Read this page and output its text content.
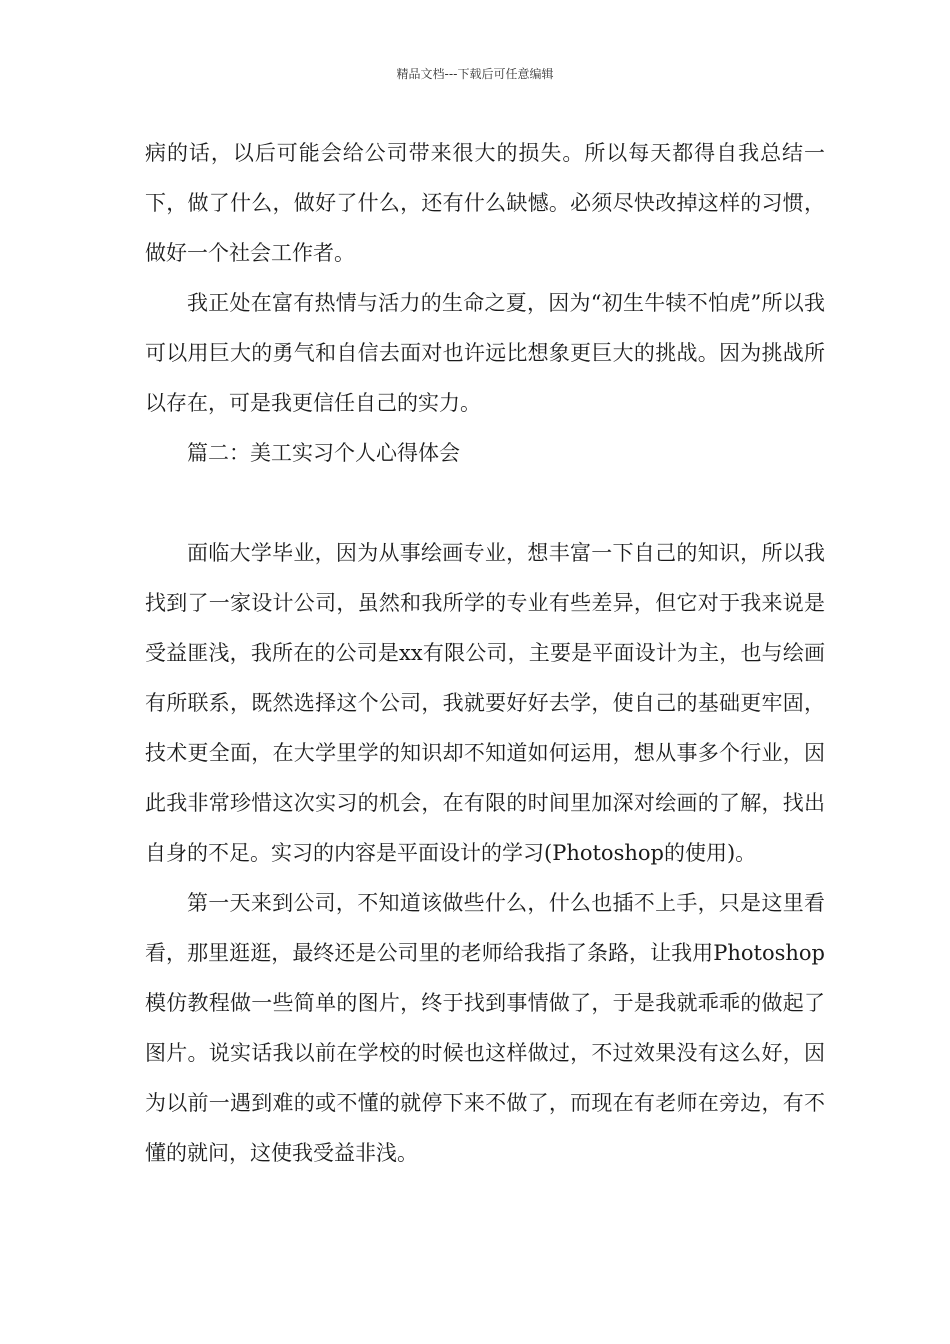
精品文档---下载后可任意编辑

病的话，以后可能会给公司带来很大的损失。所以每天都得自我总结一下，做了什么，做好了什么，还有什么缺憾。必须尽快改掉这样的习惯，做好一个社会工作者。

我正处在富有热情与活力的生命之夏，因为“初生牛犊不怕虎”所以我可以用巨大的勇气和自信去面对也许远比想象更巨大的挑战。因为挑战所以存在，可是我更信任自己的实力。

篇二：美工实习个人心得体会

面临大学毕业，因为从事绘画专业，想丰富一下自己的知识，所以我找到了一家设计公司，虽然和我所学的专业有些差异，但它对于我来说是受益匪浅，我所在的公司是xx有限公司，主要是平面设计为主，也与绘画有所联系，既然选择这个公司，我就要好好去学，使自己的基础更牢固，技术更全面，在大学里学的知识却不知道如何运用，想从事多个行业，因此我非常珍惜这次实习的机会，在有限的时间里加深对绘画的了解，找出自身的不足。实习的内容是平面设计的学习(Photoshop的使用)。

第一天来到公司，不知道该做些什么，什么也插不上手，只是这里看看，那里逛逛，最终还是公司里的老师给我指了条路，让我用Photoshop模仿教程做一些简单的图片，终于找到事情做了，于是我就乖乖的做起了图片。说实话我以前在学校的时候也这样做过，不过效果没有这么好，因为以前一遇到难的或不懂的就停下来不做了，而现在有老师在旁边，有不懂的就问，这使我受益非浅。
